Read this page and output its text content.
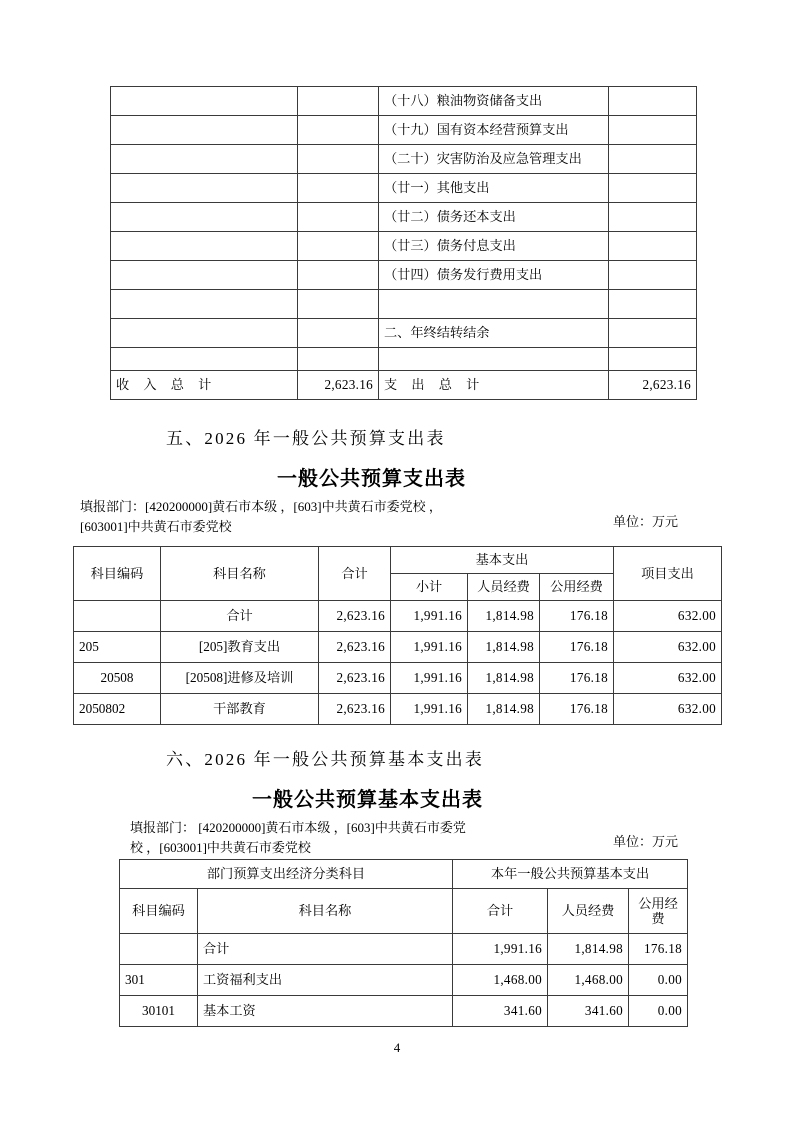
		（十八）粮油物资储备支出	
		（十九）国有资本经营预算支出	
		（二十）灾害防治及应急管理支出	
		（廿一）其他支出	
		（廿二）债务还本支出	
		（廿三）债务付息支出	
		（廿四）债务发行费用支出	

		二、年终结转结余	

收　入　总　计	2,623.16	支　出　总　计	2,623.16
五、2026 年一般公共预算支出表
一般公共预算支出表
填报部门：[420200000]黄石市本级 ，[603]中共黄石市委党校 ，
[603001]中共黄石市委党校	单位：万元
科目编码	科目名称	合计	基本支出			项目支出
			小计	人员经费	公用经费	
	合计	2,623.16	1,991.16	1,814.98	176.18	632.00
205	[205]教育支出	2,623.16	1,991.16	1,814.98	176.18	632.00
20508	[20508]进修及培训	2,623.16	1,991.16	1,814.98	176.18	632.00
2050802	干部教育	2,623.16	1,991.16	1,814.98	176.18	632.00
六、2026 年一般公共预算基本支出表
一般公共预算基本支出表
填报部门： [420200000]黄石市本级 ，[603]中共黄石市委党
校 ，[603001]中共黄石市委党校	单位：万元
部门预算支出经济分类科目		本年一般公共预算基本支出		
科目编码	科目名称	合计	人员经费	公用经费
	合计	1,991.16	1,814.98	176.18
301	工资福利支出	1,468.00	1,468.00	0.00
30101	基本工资	341.60	341.60	0.00
4
